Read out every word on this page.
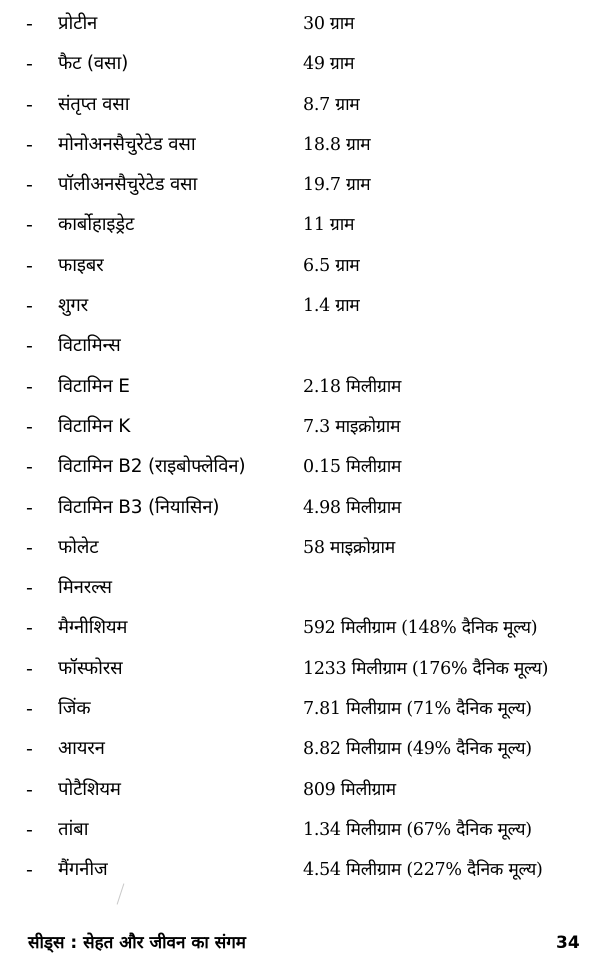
- प्रोटीन	30 ग्राम
- फैट (वसा)	49 ग्राम
- संतृप्त वसा	8.7 ग्राम
- मोनोअनसैचुरेटेड वसा	18.8 ग्राम
- पॉलीअनसैचुरेटेड वसा	19.7 ग्राम
- कार्बोहाइड्रेट	11 ग्राम
- फाइबर	6.5 ग्राम
- शुगर	1.4 ग्राम
- विटामिन्स
- विटामिन E	2.18 मिलीग्राम
- विटामिन K	7.3 माइक्रोग्राम
- विटामिन B2 (राइबोफ्लेविन)	0.15 मिलीग्राम
- विटामिन B3 (नियासिन)	4.98 मिलीग्राम
- फोलेट	58 माइक्रोग्राम
- मिनरल्स
- मैग्नीशियम	592 मिलीग्राम (148% दैनिक मूल्य)
- फॉस्फोरस	1233 मिलीग्राम (176% दैनिक मूल्य)
- जिंक	7.81 मिलीग्राम (71% दैनिक मूल्य)
- आयरन	8.82 मिलीग्राम (49% दैनिक मूल्य)
- पोटैशियम	809 मिलीग्राम
- तांबा	1.34 मिलीग्राम (67% दैनिक मूल्य)
- मैंगनीज	4.54 मिलीग्राम (227% दैनिक मूल्य)
सीड्स : सेहत और जीवन का संगम	34
